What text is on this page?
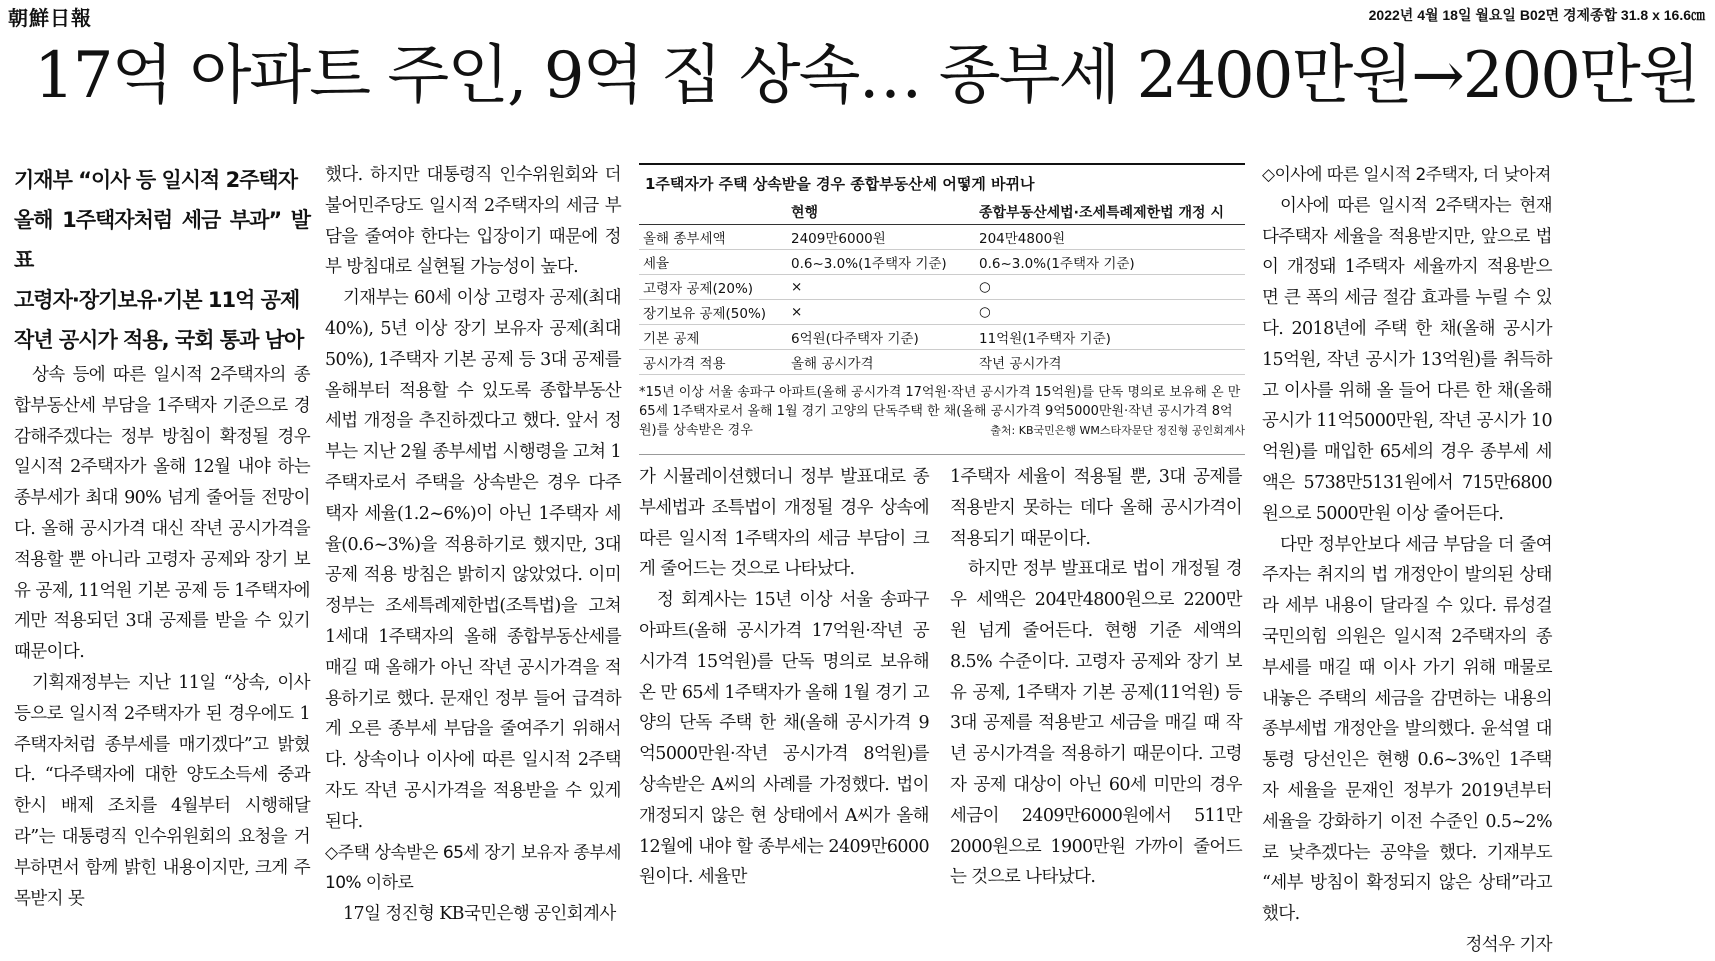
朝鮮日報	2022년 4월 18일 월요일 B02면 경제종합 31.8 x 16.6㎝
17억 아파트 주인, 9억 집 상속… 종부세 2400만원→200만원

기재부 “이사 등 일시적 2주택자

올해 1주택자처럼 세금 부과” 발표

고령자·장기보유·기본 11억 공제

작년 공시가 적용, 국회 통과 남아

상속 등에 따른 일시적 2주택자의 종합부동산세 부담을 1주택자 기준으로 경감해주겠다는 정부 방침이 확정될 경우 일시적 2주택자가 올해 12월 내야 하는 종부세가 최대 90% 넘게 줄어들 전망이다. 올해 공시가격 대신 작년 공시가격을 적용할 뿐 아니라 고령자 공제와 장기 보유 공제, 11억원 기본 공제 등 1주택자에게만 적용되던 3대 공제를 받을 수 있기 때문이다.

기획재정부는 지난 11일 “상속, 이사 등으로 일시적 2주택자가 된 경우에도 1주택자처럼 종부세를 매기겠다”고 밝혔다. “다주택자에 대한 양도소득세 중과 한시 배제 조치를 4월부터 시행해달라”는 대통령직 인수위원회의 요청을 거부하면서 함께 밝힌 내용이지만, 크게 주목받지 못

했다. 하지만 대통령직 인수위원회와 더불어민주당도 일시적 2주택자의 세금 부담을 줄여야 한다는 입장이기 때문에 정부 방침대로 실현될 가능성이 높다.

기재부는 60세 이상 고령자 공제(최대 40%), 5년 이상 장기 보유자 공제(최대 50%), 1주택자 기본 공제 등 3대 공제를 올해부터 적용할 수 있도록 종합부동산세법 개정을 추진하겠다고 했다. 앞서 정부는 지난 2월 종부세법 시행령을 고쳐 1주택자로서 주택을 상속받은 경우 다주택자 세율(1.2~6%)이 아닌 1주택자 세율(0.6~3%)을 적용하기로 했지만, 3대 공제 적용 방침은 밝히지 않았었다. 이미 정부는 조세특례제한법(조특법)을 고쳐 1세대 1주택자의 올해 종합부동산세를 매길 때 올해가 아닌 작년 공시가격을 적용하기로 했다. 문재인 정부 들어 급격하게 오른 종부세 부담을 줄여주기 위해서다. 상속이나 이사에 따른 일시적 2주택자도 작년 공시가격을 적용받을 수 있게 된다.

◇주택 상속받은 65세 장기 보유자 종부세 10% 이하로

17일 정진형 KB국민은행 공인회계사

1주택자가 주택 상속받을 경우 종합부동산세 어떻게 바뀌나
	현행	종합부동산세법·조세특례제한법 개정 시
올해 종부세액	2409만6000원	204만4800원
세율	0.6~3.0%(1주택자 기준)	0.6~3.0%(1주택자 기준)
고령자 공제(20%)	×	○
장기보유 공제(50%)	×	○
기본 공제	6억원(다주택자 기준)	11억원(1주택자 기준)
공시가격 적용	올해 공시가격	작년 공시가격
*15년 이상 서울 송파구 아파트(올해 공시가격 17억원·작년 공시가격 15억원)를 단독 명의로 보유해 온 만 65세 1주택자로서 올해 1월 경기 고양의 단독주택 한 채(올해 공시가격 9억5000만원·작년 공시가격 8억원)를 상속받은 경우	출처: KB국민은행 WM스타자문단 정진형 공인회계사

가 시뮬레이션했더니 정부 발표대로 종부세법과 조특법이 개정될 경우 상속에 따른 일시적 1주택자의 세금 부담이 크게 줄어드는 것으로 나타났다.

정 회계사는 15년 이상 서울 송파구 아파트(올해 공시가격 17억원·작년 공시가격 15억원)를 단독 명의로 보유해온 만 65세 1주택자가 올해 1월 경기 고양의 단독 주택 한 채(올해 공시가격 9억5000만원·작년 공시가격 8억원)를 상속받은 A씨의 사례를 가정했다. 법이 개정되지 않은 현 상태에서 A씨가 올해 12월에 내야 할 종부세는 2409만6000원이다. 세율만

1주택자 세율이 적용될 뿐, 3대 공제를 적용받지 못하는 데다 올해 공시가격이 적용되기 때문이다.

하지만 정부 발표대로 법이 개정될 경우 세액은 204만4800원으로 2200만원 넘게 줄어든다. 현행 기준 세액의 8.5% 수준이다. 고령자 공제와 장기 보유 공제, 1주택자 기본 공제(11억원) 등 3대 공제를 적용받고 세금을 매길 때 작년 공시가격을 적용하기 때문이다. 고령자 공제 대상이 아닌 60세 미만의 경우 세금이 2409만6000원에서 511만2000원으로 1900만원 가까이 줄어드는 것으로 나타났다.

◇이사에 따른 일시적 2주택자, 더 낮아져

이사에 따른 일시적 2주택자는 현재 다주택자 세율을 적용받지만, 앞으로 법이 개정돼 1주택자 세율까지 적용받으면 큰 폭의 세금 절감 효과를 누릴 수 있다. 2018년에 주택 한 채(올해 공시가 15억원, 작년 공시가 13억원)를 취득하고 이사를 위해 올 들어 다른 한 채(올해 공시가 11억5000만원, 작년 공시가 10억원)를 매입한 65세의 경우 종부세 세액은 5738만5131원에서 715만6800원으로 5000만원 이상 줄어든다.

다만 정부안보다 세금 부담을 더 줄여주자는 취지의 법 개정안이 발의된 상태라 세부 내용이 달라질 수 있다. 류성걸 국민의힘 의원은 일시적 2주택자의 종부세를 매길 때 이사 가기 위해 매물로 내놓은 주택의 세금을 감면하는 내용의 종부세법 개정안을 발의했다. 윤석열 대통령 당선인은 현행 0.6~3%인 1주택자 세율을 문재인 정부가 2019년부터 세율을 강화하기 이전 수준인 0.5~2%로 낮추겠다는 공약을 했다. 기재부도 “세부 방침이 확정되지 않은 상태”라고 했다.

정석우 기자
